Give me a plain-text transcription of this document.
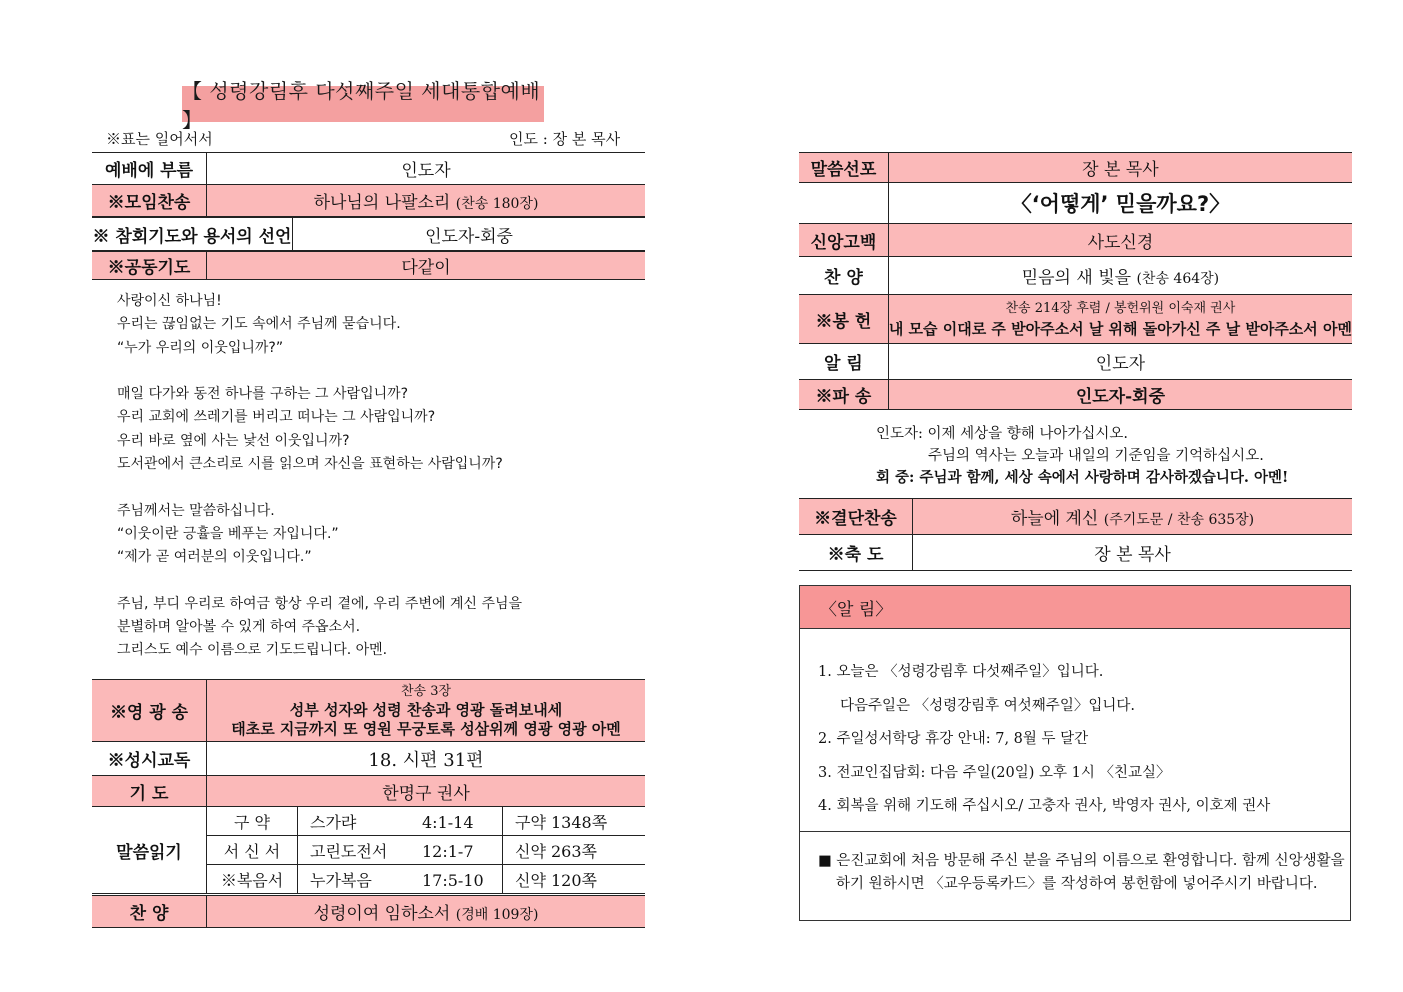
【 성령강림후 다섯째주일 세대통합예배 】
※표는 일어서서	인도 : 장 본 목사
예배에 부름	인도자
※모임찬송	하나님의 나팔소리 (찬송 180장)
※ 참회기도와 용서의 선언	인도자-회중
※공동기도	다같이
사랑이신 하나님!
우리는 끊임없는 기도 속에서 주님께 묻습니다.
“누가 우리의 이웃입니까?”
매일 다가와 동전 하나를 구하는 그 사람입니까?
우리 교회에 쓰레기를 버리고 떠나는 그 사람입니까?
우리 바로 옆에 사는 낯선 이웃입니까?
도서관에서 큰소리로 시를 읽으며 자신을 표현하는 사람입니까?
주님께서는 말씀하십니다.
“이웃이란 긍휼을 베푸는 자입니다.”
“제가 곧 여러분의 이웃입니다.”
주님, 부디 우리로 하여금 항상 우리 곁에, 우리 주변에 계신 주님을
분별하며 알아볼 수 있게 하여 주옵소서.
그리스도 예수 이름으로 기도드립니다. 아멘.
※영 광 송	찬송 3장
성부 성자와 성령 찬송과 영광 돌려보내세
태초로 지금까지 또 영원 무궁토록 성삼위께 영광 영광 아멘

※성시교독	18. 시편 31편
기 도	한명구 권사
말씀읽기	구 약	스가랴 4:1-14	구약 1348쪽
	서 신 서	고린도전서 12:1-7	신약 263쪽
	※복음서	누가복음 17:5-10	신약 120쪽
찬 양	성령이여 임하소서 (경배 109장)
말씀선포	장 본 목사
	〈‘어떻게’ 믿을까요?〉
신앙고백	사도신경
찬 양	믿음의 새 빛을 (찬송 464장)
※봉 헌	찬송 214장 후렴 / 봉헌위원 이숙재 권사
내 모습 이대로 주 받아주소서 날 위해 돌아가신 주 날 받아주소서 아멘

알 림	인도자
※파 송	인도자-회중
인도자: 이제 세상을 향해 나아가십시오.
주님의 역사는 오늘과 내일의 기준임을 기억하십시오.
회 중: 주님과 함께, 세상 속에서 사랑하며 감사하겠습니다. 아멘!
※결단찬송	하늘에 계신 (주기도문 / 찬송 635장)
※축 도	장 본 목사
〈알 림〉
1. 오늘은 〈성령강림후 다섯째주일〉입니다.
다음주일은 〈성령강림후 여섯째주일〉입니다.
2. 주일성서학당 휴강 안내: 7, 8월 두 달간
3. 전교인집담회: 다음 주일(20일) 오후 1시 〈친교실〉
4. 회복을 위해 기도해 주십시오/ 고충자 권사, 박영자 권사, 이호제 권사
■ 은진교회에 처음 방문해 주신 분을 주님의 이름으로 환영합니다. 함께 신앙생활을
하기 원하시면 〈교우등록카드〉를 작성하여 봉헌함에 넣어주시기 바랍니다.
